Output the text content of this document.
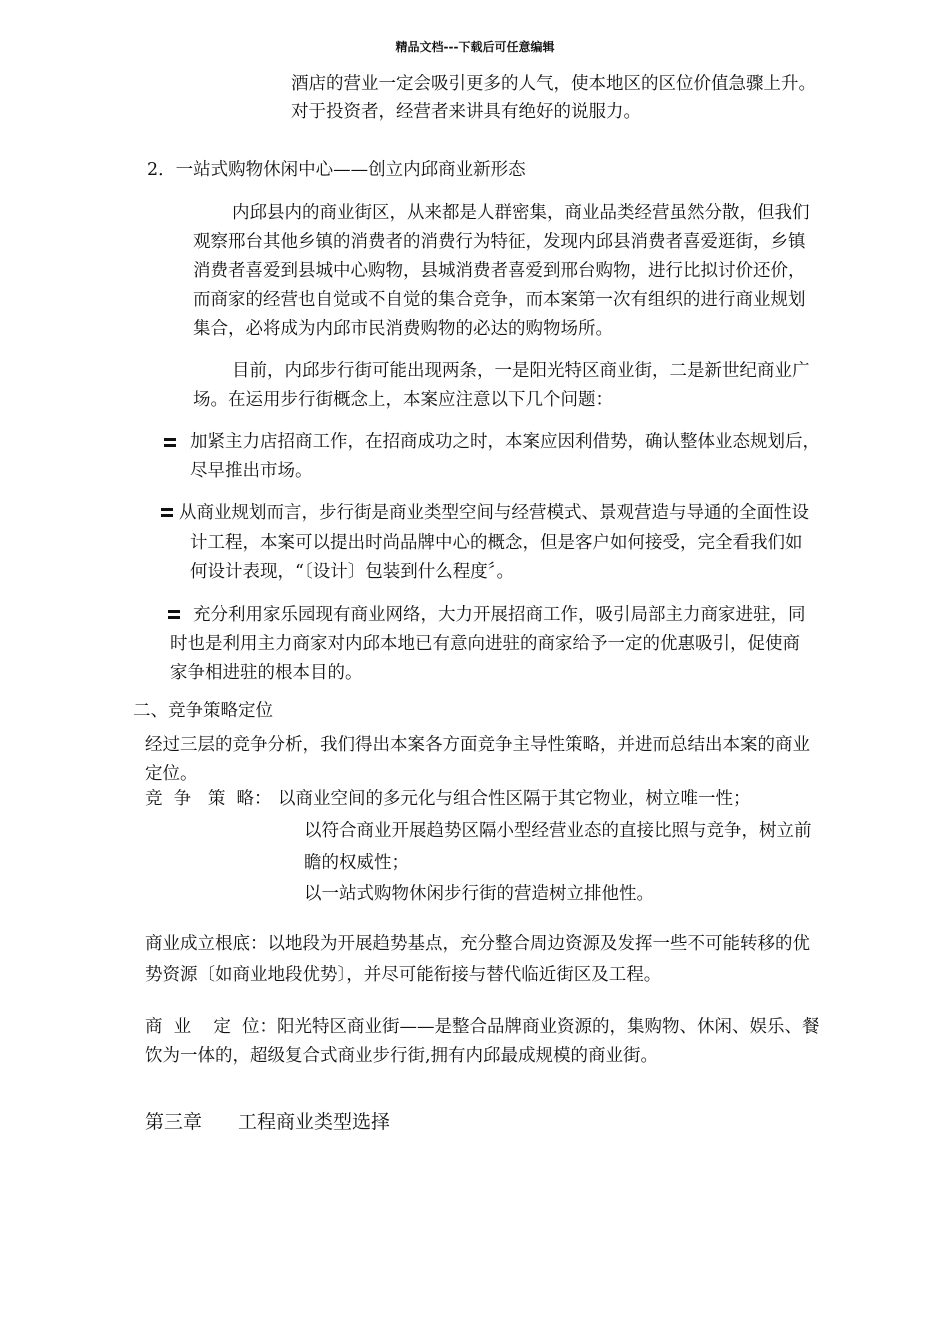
精品文档---下载后可任意编辑
酒店的营业一定会吸引更多的人气，使本地区的区位价值急骤上升。
对于投资者，经营者来讲具有绝好的说服力。
2．一站式购物休闲中心——创立内邱商业新形态
内邱县内的商业街区，从来都是人群密集，商业品类经营虽然分散，但我们
观察邢台其他乡镇的消费者的消费行为特征，发现内邱县消费者喜爱逛街，乡镇
消费者喜爱到县城中心购物，县城消费者喜爱到邢台购物，进行比拟讨价还价，
而商家的经营也自觉或不自觉的集合竞争，而本案第一次有组织的进行商业规划
集合，必将成为内邱市民消费购物的必达的购物场所。
目前，内邱步行街可能出现两条，一是阳光特区商业街，二是新世纪商业广
场。在运用步行街概念上，本案应注意以下几个问题：
加紧主力店招商工作，在招商成功之时，本案应因利借势，确认整体业态规划后，
尽早推出市场。
从商业规划而言，步行街是商业类型空间与经营模式、景观营造与导通的全面性设
计工程，本案可以提出时尚品牌中心的概念，但是客户如何接受，完全看我们如
何设计表现，“〔设计〕包装到什么程度〞。
充分利用家乐园现有商业网络，大力开展招商工作，吸引局部主力商家进驻，同
时也是利用主力商家对内邱本地已有意向进驻的商家给予一定的优惠吸引，促使商
家争相进驻的根本目的。
二、竞争策略定位
经过三层的竞争分析，我们得出本案各方面竞争主导性策略，并进而总结出本案的商业
定位。
竞  争   策  略： 以商业空间的多元化与组合性区隔于其它物业，树立唯一性；
以符合商业开展趋势区隔小型经营业态的直接比照与竞争，树立前
瞻的权威性；
以一站式购物休闲步行街的营造树立排他性。
商业成立根底：以地段为开展趋势基点，充分整合周边资源及发挥一些不可能转移的优
势资源〔如商业地段优势〕，并尽可能衔接与替代临近街区及工程。
商  业    定  位：阳光特区商业街——是整合品牌商业资源的，集购物、休闲、娱乐、餐
饮为一体的，超级复合式商业步行街,拥有内邱最成规模的商业街。
第三章 工程商业类型选择
